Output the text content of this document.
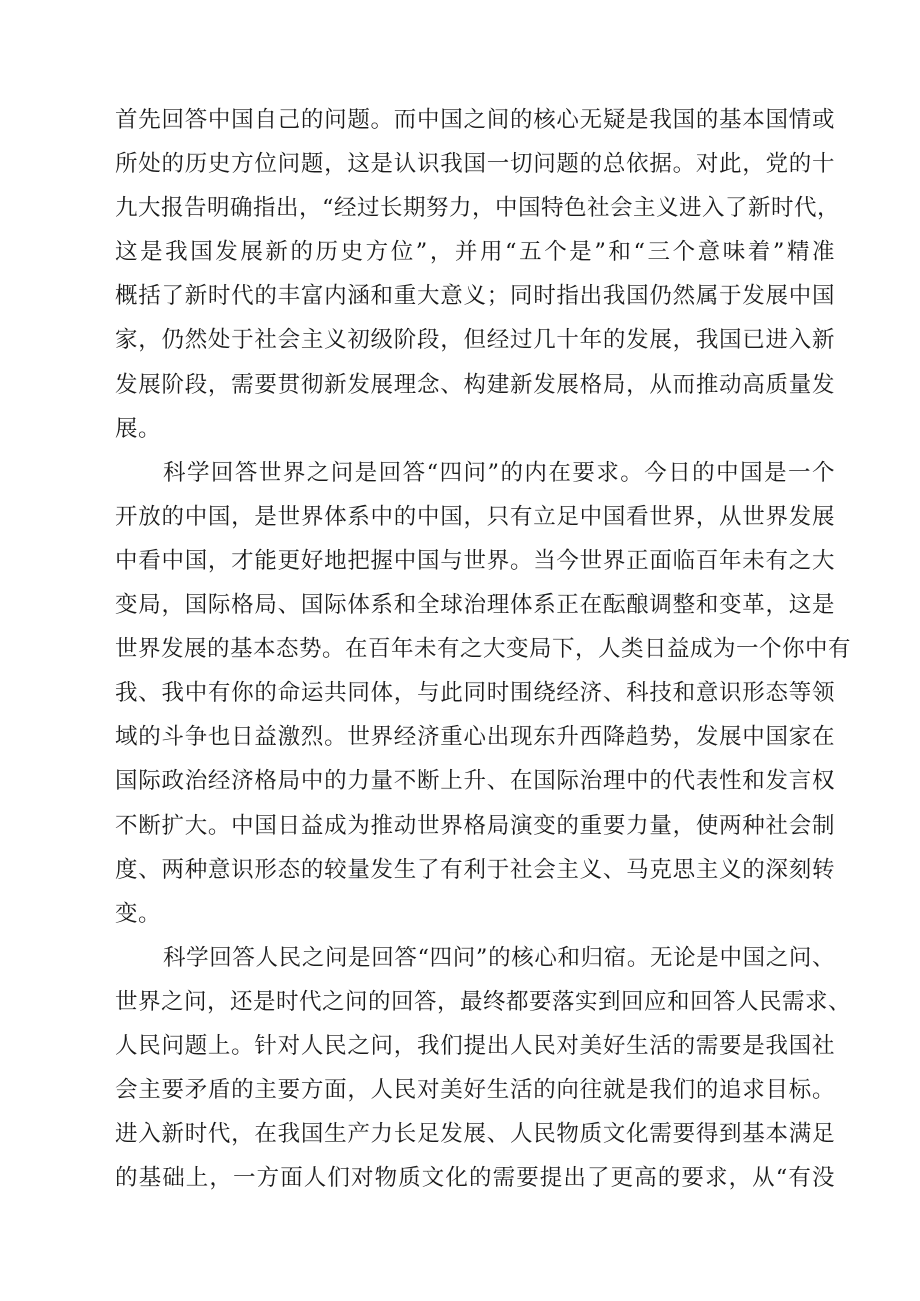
首先回答中国自己的问题。而中国之间的核心无疑是我国的基本国情或
所处的历史方位问题，这是认识我国一切问题的总依据。对此，党的十
九大报告明确指出，“经过长期努力，中国特色社会主义进入了新时代，
这是我国发展新的历史方位”，并用“五个是”和“三个意味着”精准
概括了新时代的丰富内涵和重大意义；同时指出我国仍然属于发展中国
家，仍然处于社会主义初级阶段，但经过几十年的发展，我国已进入新
发展阶段，需要贯彻新发展理念、构建新发展格局，从而推动高质量发
展。
科学回答世界之问是回答“四问”的内在要求。今日的中国是一个
开放的中国，是世界体系中的中国，只有立足中国看世界，从世界发展
中看中国，才能更好地把握中国与世界。当今世界正面临百年未有之大
变局，国际格局、国际体系和全球治理体系正在酝酿调整和变革，这是
世界发展的基本态势。在百年未有之大变局下，人类日益成为一个你中有
我、我中有你的命运共同体，与此同时围绕经济、科技和意识形态等领
域的斗争也日益激烈。世界经济重心出现东升西降趋势，发展中国家在
国际政治经济格局中的力量不断上升、在国际治理中的代表性和发言权
不断扩大。中国日益成为推动世界格局演变的重要力量，使两种社会制
度、两种意识形态的较量发生了有利于社会主义、马克思主义的深刻转
变。
科学回答人民之问是回答“四问”的核心和归宿。无论是中国之问、
世界之问，还是时代之问的回答，最终都要落实到回应和回答人民需求、
人民问题上。针对人民之问，我们提出人民对美好生活的需要是我国社
会主要矛盾的主要方面，人民对美好生活的向往就是我们的追求目标。
进入新时代，在我国生产力长足发展、人民物质文化需要得到基本满足
的基础上，一方面人们对物质文化的需要提出了更高的要求，从“有没
